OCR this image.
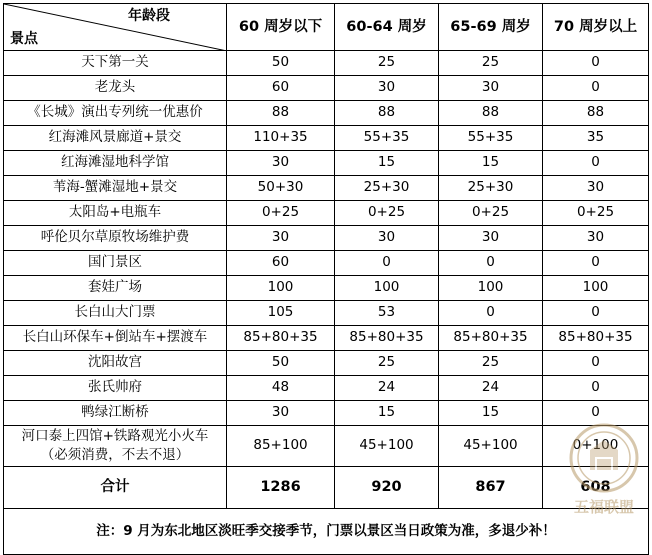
年龄段
景点	60 周岁以下	60-64 周岁	65-69 周岁	70 周岁以上
天下第一关	50	25	25	0
老龙头	60	30	30	0
《长城》演出专列统一优惠价	88	88	88	88
红海滩风景廊道+景交	110+35	55+35	55+35	35
红海滩湿地科学馆	30	15	15	0
苇海-蟹滩湿地+景交	50+30	25+30	25+30	30
太阳岛+电瓶车	0+25	0+25	0+25	0+25
呼伦贝尔草原牧场维护费	30	30	30	30
国门景区	60	0	0	0
套娃广场	100	100	100	100
长白山大门票	105	53	0	0
长白山环保车+倒站车+摆渡车	85+80+35	85+80+35	85+80+35	85+80+35
沈阳故宫	50	25	25	0
张氏帅府	48	24	24	0
鸭绿江断桥	30	15	15	0

河口泰上四馆+铁路观光小火车
（必须消费，不去不退）	85+100	45+100	45+100	0+100
合计	1286	920	867	608
注：9 月为东北地区淡旺季交接季节，门票以景区当日政策为准，多退少补！				
五福联盟
